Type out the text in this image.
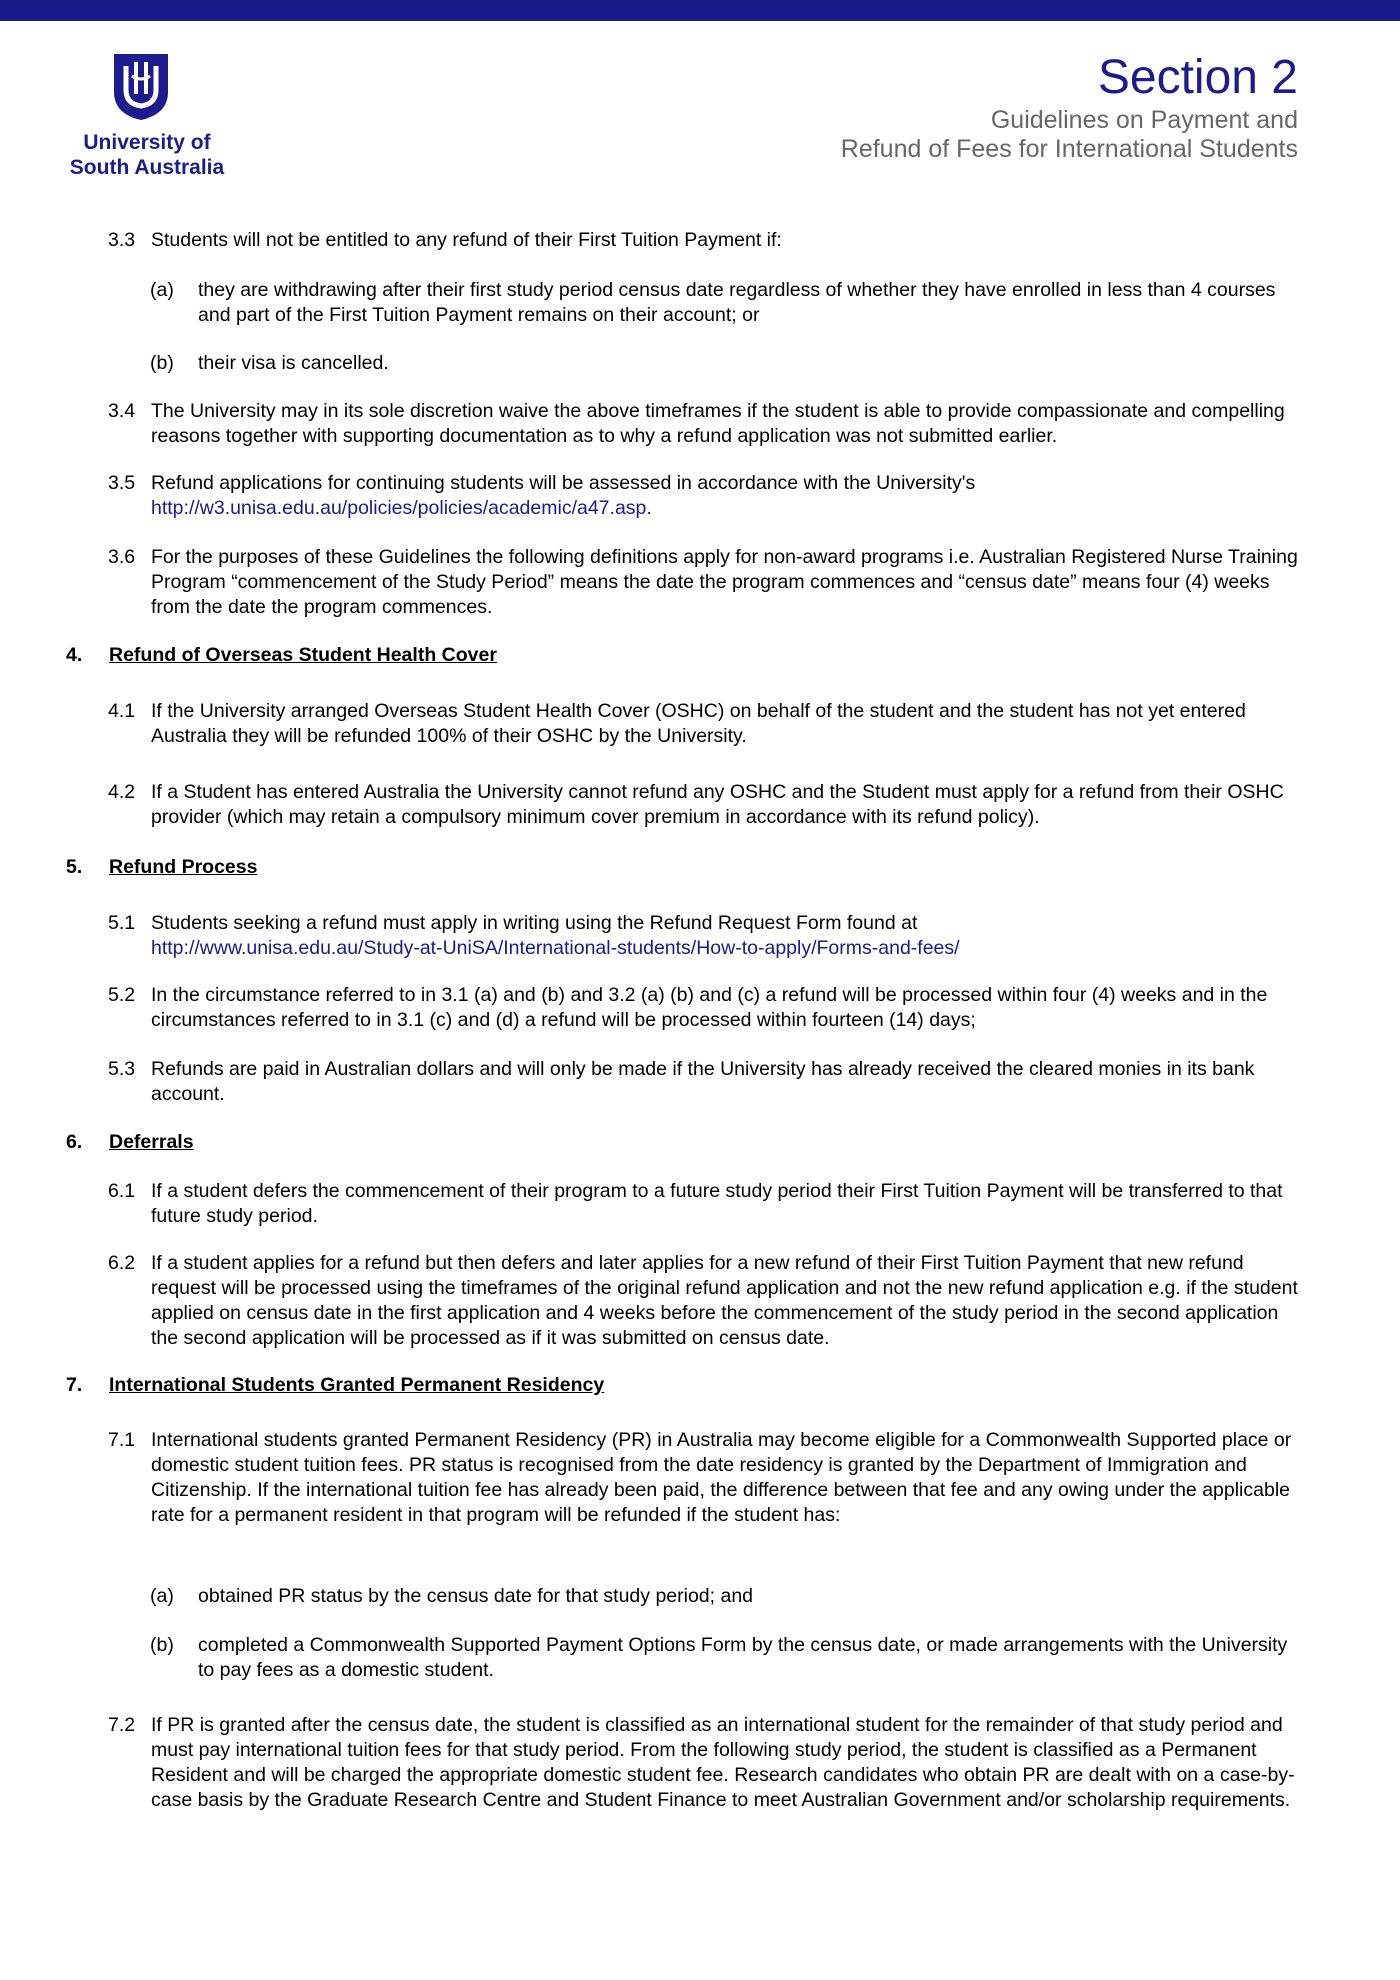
University of
South Australia
Section 2
Guidelines on Payment and
Refund of Fees for International Students
3.3 Students will not be entitled to any refund of their First Tuition Payment if:
(a) they are withdrawing after their first study period census date regardless of whether they have enrolled in less than 4 courses and part of the First Tuition Payment remains on their account; or
(b) their visa is cancelled.
3.4 The University may in its sole discretion waive the above timeframes if the student is able to provide compassionate and compelling reasons together with supporting documentation as to why a refund application was not submitted earlier.
3.5 Refund applications for continuing students will be assessed in accordance with the University's
http://w3.unisa.edu.au/policies/policies/academic/a47.asp.
3.6 For the purposes of these Guidelines the following definitions apply for non-award programs i.e. Australian Registered Nurse Training Program “commencement of the Study Period” means the date the program commences and “census date” means four (4) weeks from the date the program commences.
4. Refund of Overseas Student Health Cover
4.1 If the University arranged Overseas Student Health Cover (OSHC) on behalf of the student and the student has not yet entered Australia they will be refunded 100% of their OSHC by the University.
4.2 If a Student has entered Australia the University cannot refund any OSHC and the Student must apply for a refund from their OSHC provider (which may retain a compulsory minimum cover premium in accordance with its refund policy).
5. Refund Process
5.1 Students seeking a refund must apply in writing using the Refund Request Form found at
http://www.unisa.edu.au/Study-at-UniSA/International-students/How-to-apply/Forms-and-fees/
5.2 In the circumstance referred to in 3.1 (a) and (b) and 3.2 (a) (b) and (c) a refund will be processed within four (4) weeks and in the circumstances referred to in 3.1 (c) and (d) a refund will be processed within fourteen (14) days;
5.3 Refunds are paid in Australian dollars and will only be made if the University has already received the cleared monies in its bank account.
6. Deferrals
6.1 If a student defers the commencement of their program to a future study period their First Tuition Payment will be transferred to that future study period.
6.2 If a student applies for a refund but then defers and later applies for a new refund of their First Tuition Payment that new refund request will be processed using the timeframes of the original refund application and not the new refund application e.g. if the student applied on census date in the first application and 4 weeks before the commencement of the study period in the second application the second application will be processed as if it was submitted on census date.
7. International Students Granted Permanent Residency
7.1 International students granted Permanent Residency (PR) in Australia may become eligible for a Commonwealth Supported place or domestic student tuition fees. PR status is recognised from the date residency is granted by the Department of Immigration and Citizenship. If the international tuition fee has already been paid, the difference between that fee and any owing under the applicable rate for a permanent resident in that program will be refunded if the student has:
(a) obtained PR status by the census date for that study period; and
(b) completed a Commonwealth Supported Payment Options Form by the census date, or made arrangements with the University to pay fees as a domestic student.
7.2 If PR is granted after the census date, the student is classified as an international student for the remainder of that study period and must pay international tuition fees for that study period. From the following study period, the student is classified as a Permanent Resident and will be charged the appropriate domestic student fee. Research candidates who obtain PR are dealt with on a case-by-case basis by the Graduate Research Centre and Student Finance to meet Australian Government and/or scholarship requirements.
